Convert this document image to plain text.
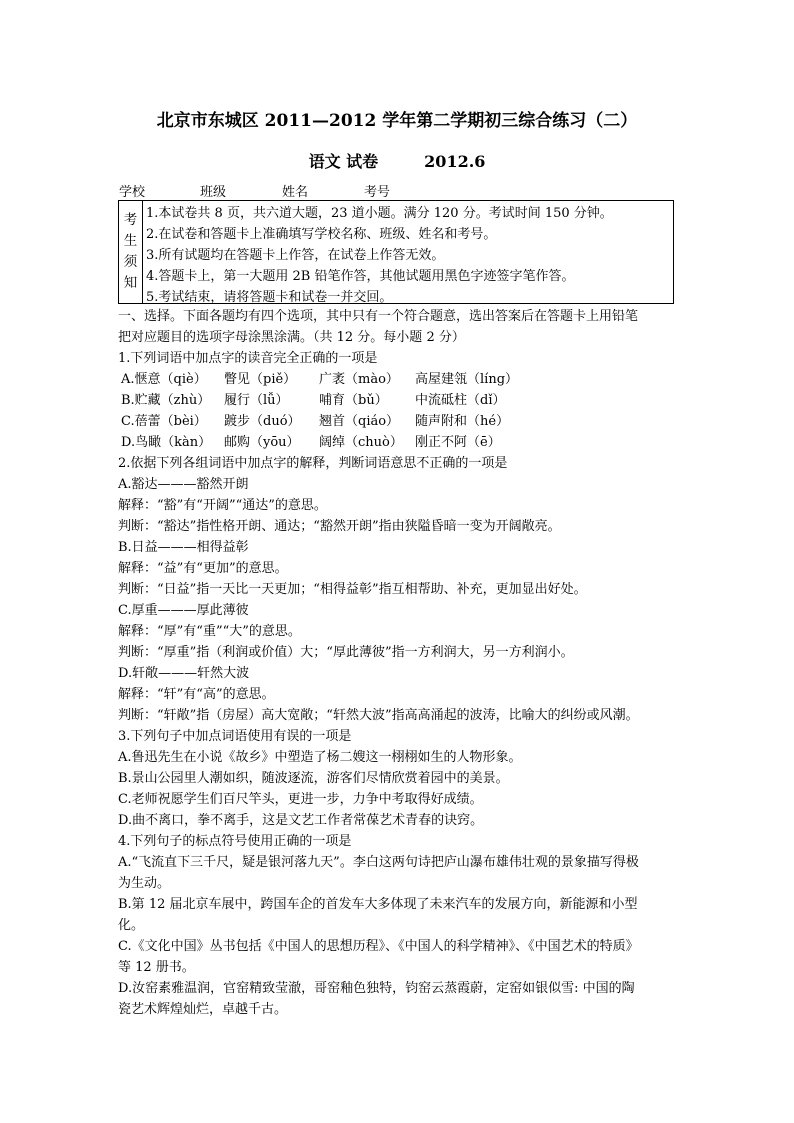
北京市东城区 2011—2012 学年第二学期初三综合练习（二）
语文 试卷	2012.6
学校	班级	姓名	考号
考
生
须
知
1.本试卷共 8 页，共六道大题，23 道小题。满分 120 分。考试时间 150 分钟。
2.在试卷和答题卡上准确填写学校名称、班级、姓名和考号。
3.所有试题均在答题卡上作答，在试卷上作答无效。
4.答题卡上，第一大题用 2B 铅笔作答，其他试题用黑色字迹签字笔作答。
5.考试结束，请将答题卡和试卷一并交回。
一、选择。下面各题均有四个选项，其中只有一个符合题意，选出答案后在答题卡上用铅笔
把对应题目的选项字母涂黑涂满。（共 12 分。每小题 2 分）
1.下列词语中加点字的读音完全正确的一项是
A.惬意（qiè）	瞥见（piě）	广袤（mào）	高屋建瓴（líng）
B.贮藏（zhù）	履行（lǚ）	哺育（bǔ）	中流砥柱（dǐ）
C.蓓蕾（bèi）	踱步（duó）	翘首（qiáo）	随声附和（hé）
D.鸟瞰（kàn） 邮购（yōu）	阔绰（chuò） 刚正不阿（ē）
2.依据下列各组词语中加点字的解释，判断词语意思不正确的一项是
A.豁达———豁然开朗
解释：“豁”有“开阔”“通达”的意思。
判断：“豁达”指性格开朗、通达；“豁然开朗”指由狭隘昏暗一变为开阔敞亮。
B.日益———相得益彰
解释：“益”有“更加”的意思。
判断：“日益”指一天比一天更加；“相得益彰”指互相帮助、补充，更加显出好处。
C.厚重———厚此薄彼
解释：“厚”有“重”“大”的意思。
判断：“厚重”指（利润或价值）大；“厚此薄彼”指一方利润大，另一方利润小。
D.轩敞———轩然大波
解释：“轩”有“高”的意思。
判断：“轩敞”指（房屋）高大宽敞；“轩然大波”指高高涌起的波涛，比喻大的纠纷或风潮。
3.下列句子中加点词语使用有误的一项是
A.鲁迅先生在小说《故乡》中塑造了杨二嫂这一栩栩如生的人物形象。
B.景山公园里人潮如织，随波逐流，游客们尽情欣赏着园中的美景。
C.老师祝愿学生们百尺竿头，更进一步，力争中考取得好成绩。
D.曲不离口，拳不离手，这是文艺工作者常葆艺术青春的诀窍。
4.下列句子的标点符号使用正确的一项是
A.“飞流直下三千尺，疑是银河落九天”。李白这两句诗把庐山瀑布雄伟壮观的景象描写得极
为生动。
B.第 12 届北京车展中，跨国车企的首发车大多体现了未来汽车的发展方向，新能源和小型
化。
C.《文化中国》丛书包括《中国人的思想历程》、《中国人的科学精神》、《中国艺术的特质》
等 12 册书。
D.汝窑素雅温润，官窑精致莹澈，哥窑釉色独特，钧窑云蒸霞蔚，定窑如银似雪: 中国的陶
瓷艺术辉煌灿烂，卓越千古。
